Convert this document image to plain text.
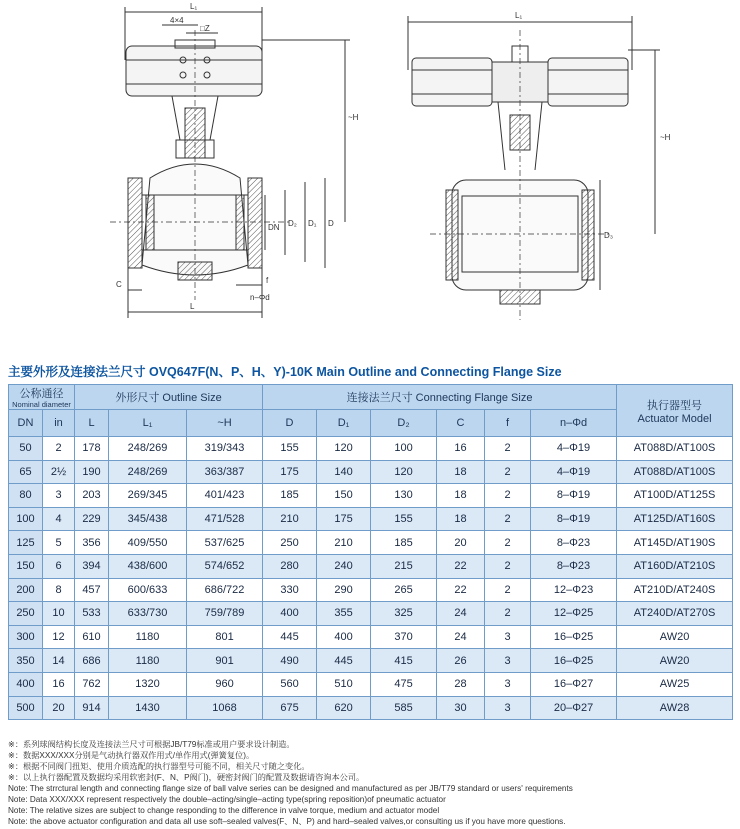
L₁
4×4
□Z
~H
DN D₂ D₁ D
C	f
n–Φd
L
L₁
~H
D₃
主要外形及连接法兰尺寸 OVQ647F(N、P、H、Y)-10K Main Outline and Connecting Flange Size
公称通径
Nominal diameter		外形尺寸 Outline Size			连接法兰尺寸 Connecting Flange Size						执行器型号
Actuator Model
DN	in	L	L₁	~H	D	D₁	D₂	C	f	n–Φd	
50	2	178	248/269	319/343	155	120	100	16	2	4–Φ19	AT088D/AT100S
65	2½	190	248/269	363/387	175	140	120	18	2	4–Φ19	AT088D/AT100S
80	3	203	269/345	401/423	185	150	130	18	2	8–Φ19	AT100D/AT125S
100	4	229	345/438	471/528	210	175	155	18	2	8–Φ19	AT125D/AT160S
125	5	356	409/550	537/625	250	210	185	20	2	8–Φ23	AT145D/AT190S
150	6	394	438/600	574/652	280	240	215	22	2	8–Φ23	AT160D/AT210S
200	8	457	600/633	686/722	330	290	265	22	2	12–Φ23	AT210D/AT240S
250	10	533	633/730	759/789	400	355	325	24	2	12–Φ25	AT240D/AT270S
300	12	610	1180	801	445	400	370	24	3	16–Φ25	AW20
350	14	686	1180	901	490	445	415	26	3	16–Φ25	AW20
400	16	762	1320	960	560	510	475	28	3	16–Φ27	AW25
500	20	914	1430	1068	675	620	585	30	3	20–Φ27	AW28
※：系列球阀结构长度及连接法兰尺寸可根据JB/T79标准或用户要求设计制造。
※：数据XXX/XXX分别是气动执行器双作用式/单作用式(弹簧复位)。
※：根据不同阀门扭矩、使用介质选配的执行器型号可能不同，相关尺寸随之变化。
※：以上执行器配置及数据均采用软密封(F、N、P阀门)，硬密封阀门的配置及数据请咨询本公司。
Note: The strrctural length and connecting flange size of ball valve series can be designed and manufactured as per JB/T79 standard or users' requirements
Note: Data XXX/XXX represent respectively the double–acting/single–acting type(spring reposition)of pneumatic actuator
Note: The relative sizes are subject to change responding to the difference in valve torque, medium and actuator model
Note: the above actuator configuration and data all use soft–sealed valves(F、N、P) and hard–sealed valves,or consulting us if you have more questions.
